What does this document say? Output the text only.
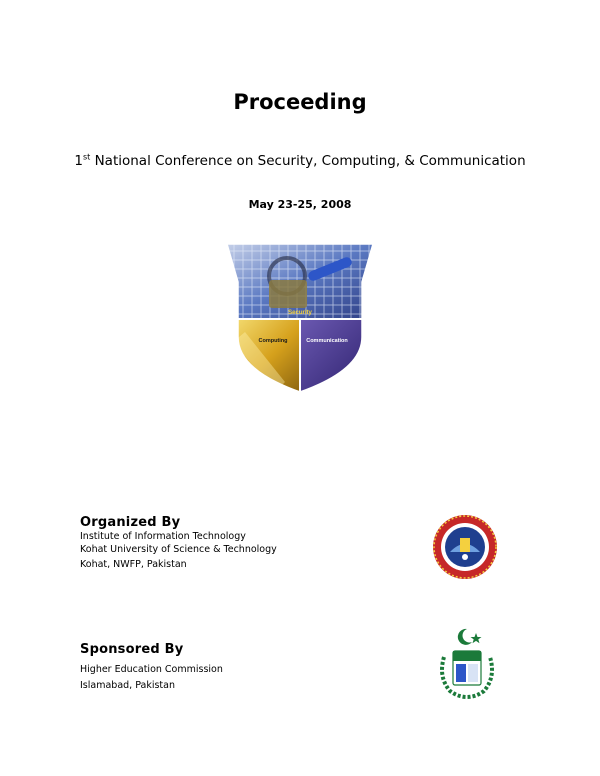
Proceeding
1st National Conference on Security, Computing, & Communication
May 23-25, 2008
Security
Computing	Communication
Organized By
Institute of Information Technology
Kohat University of Science & Technology
Kohat, NWFP, Pakistan
Sponsored By
Higher Education Commission
Islamabad, Pakistan
